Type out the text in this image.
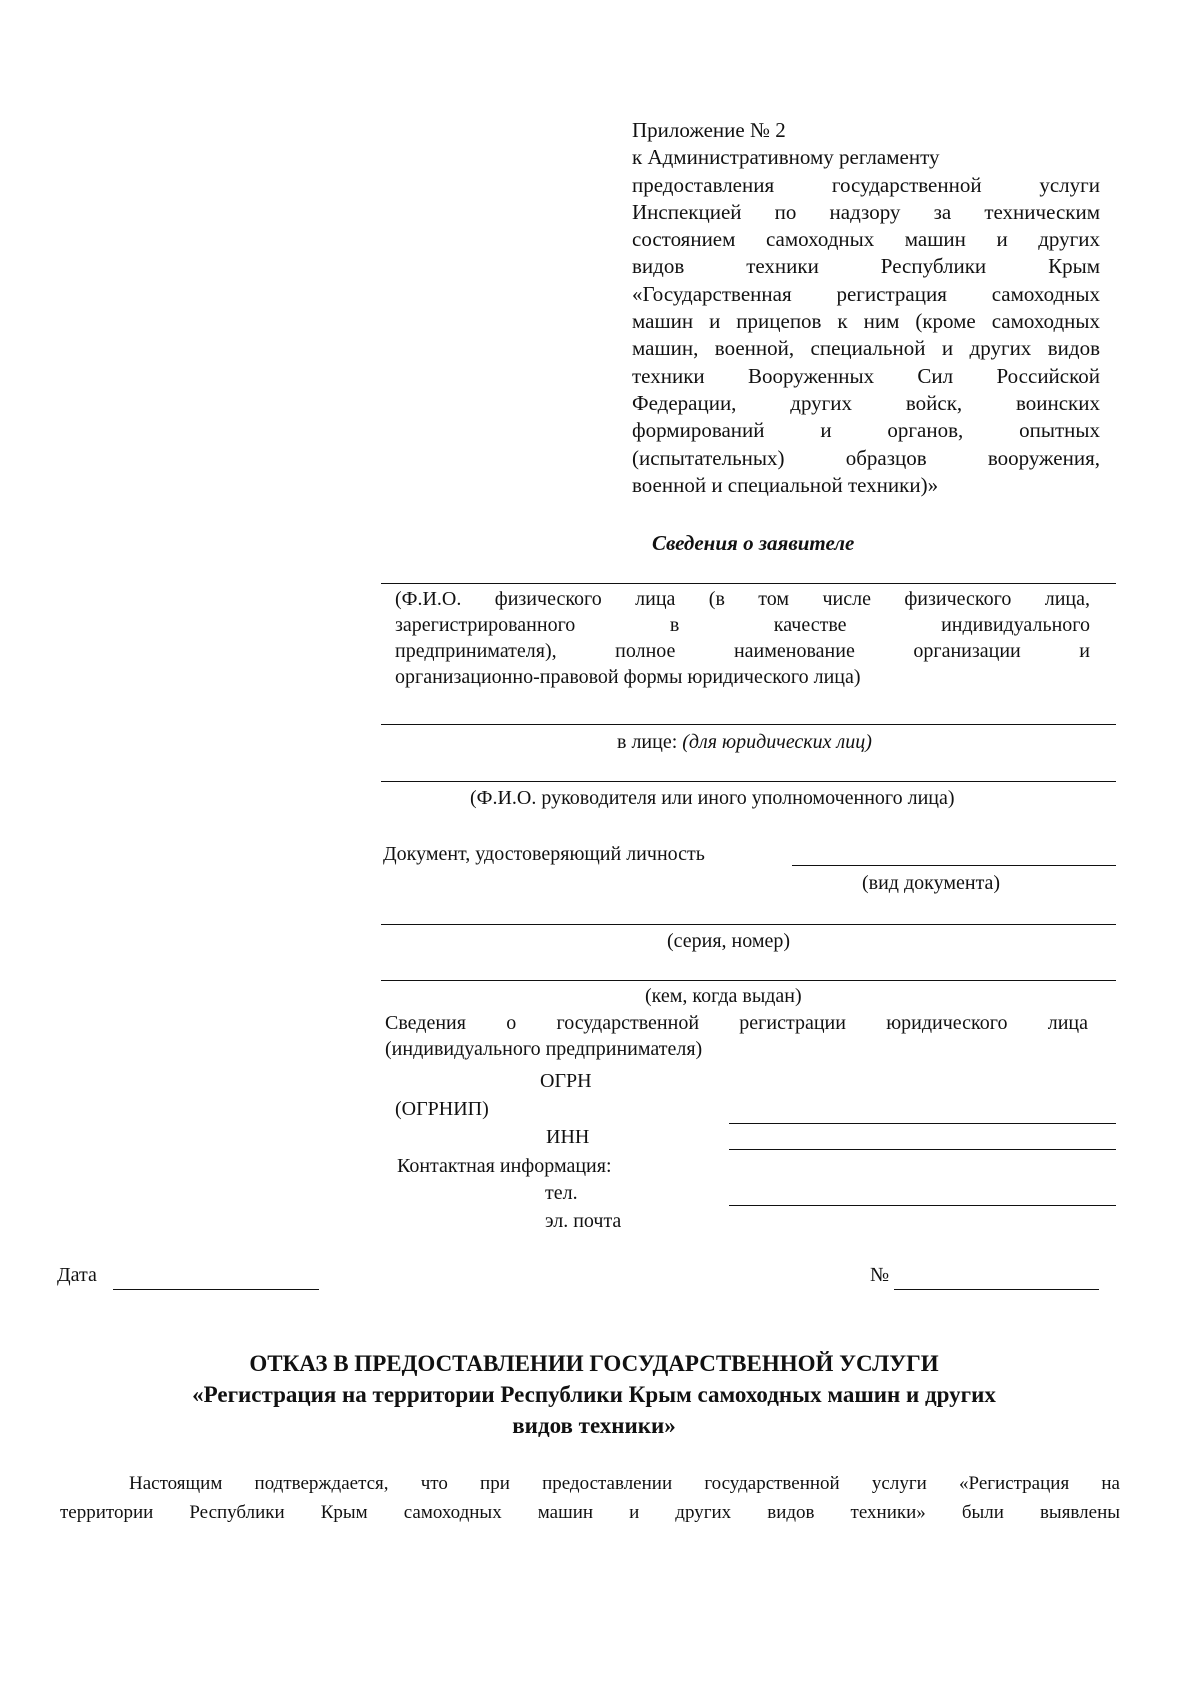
Приложение № 2
к Административному регламенту
предоставления государственной услуги
Инспекцией по надзору за техническим
состоянием самоходных машин и других
видов техники Республики Крым
«Государственная регистрация самоходных
машин и прицепов к ним (кроме самоходных
машин, военной, специальной и других видов
техники Вооруженных Сил Российской
Федерации, других войск, воинских
формирований и органов, опытных
(испытательных) образцов вооружения,
военной и специальной техники)»
Сведения о заявителе
(Ф.И.О. физического лица (в том числе физического лица,
зарегистрированного в качестве индивидуального
предпринимателя), полное наименование организации и
организационно-правовой формы юридического лица)
в лице: (для юридических лиц)
(Ф.И.О. руководителя или иного уполномоченного лица)
Документ, удостоверяющий личность
(вид документа)
(серия, номер)
(кем, когда выдан)
Сведения о государственной регистрации юридического лица
(индивидуального предпринимателя)
ОГРН
(ОГРНИП)
ИНН
Контактная информация:
тел.
эл. почта
Дата	№
ОТКАЗ В ПРЕДОСТАВЛЕНИИ ГОСУДАРСТВЕННОЙ УСЛУГИ
«Регистрация на территории Республики Крым самоходных машин и других
видов техники»
Настоящим подтверждается, что при предоставлении государственной услуги «Регистрация на
территории Республики Крым самоходных машин и других видов техники» были выявлены
